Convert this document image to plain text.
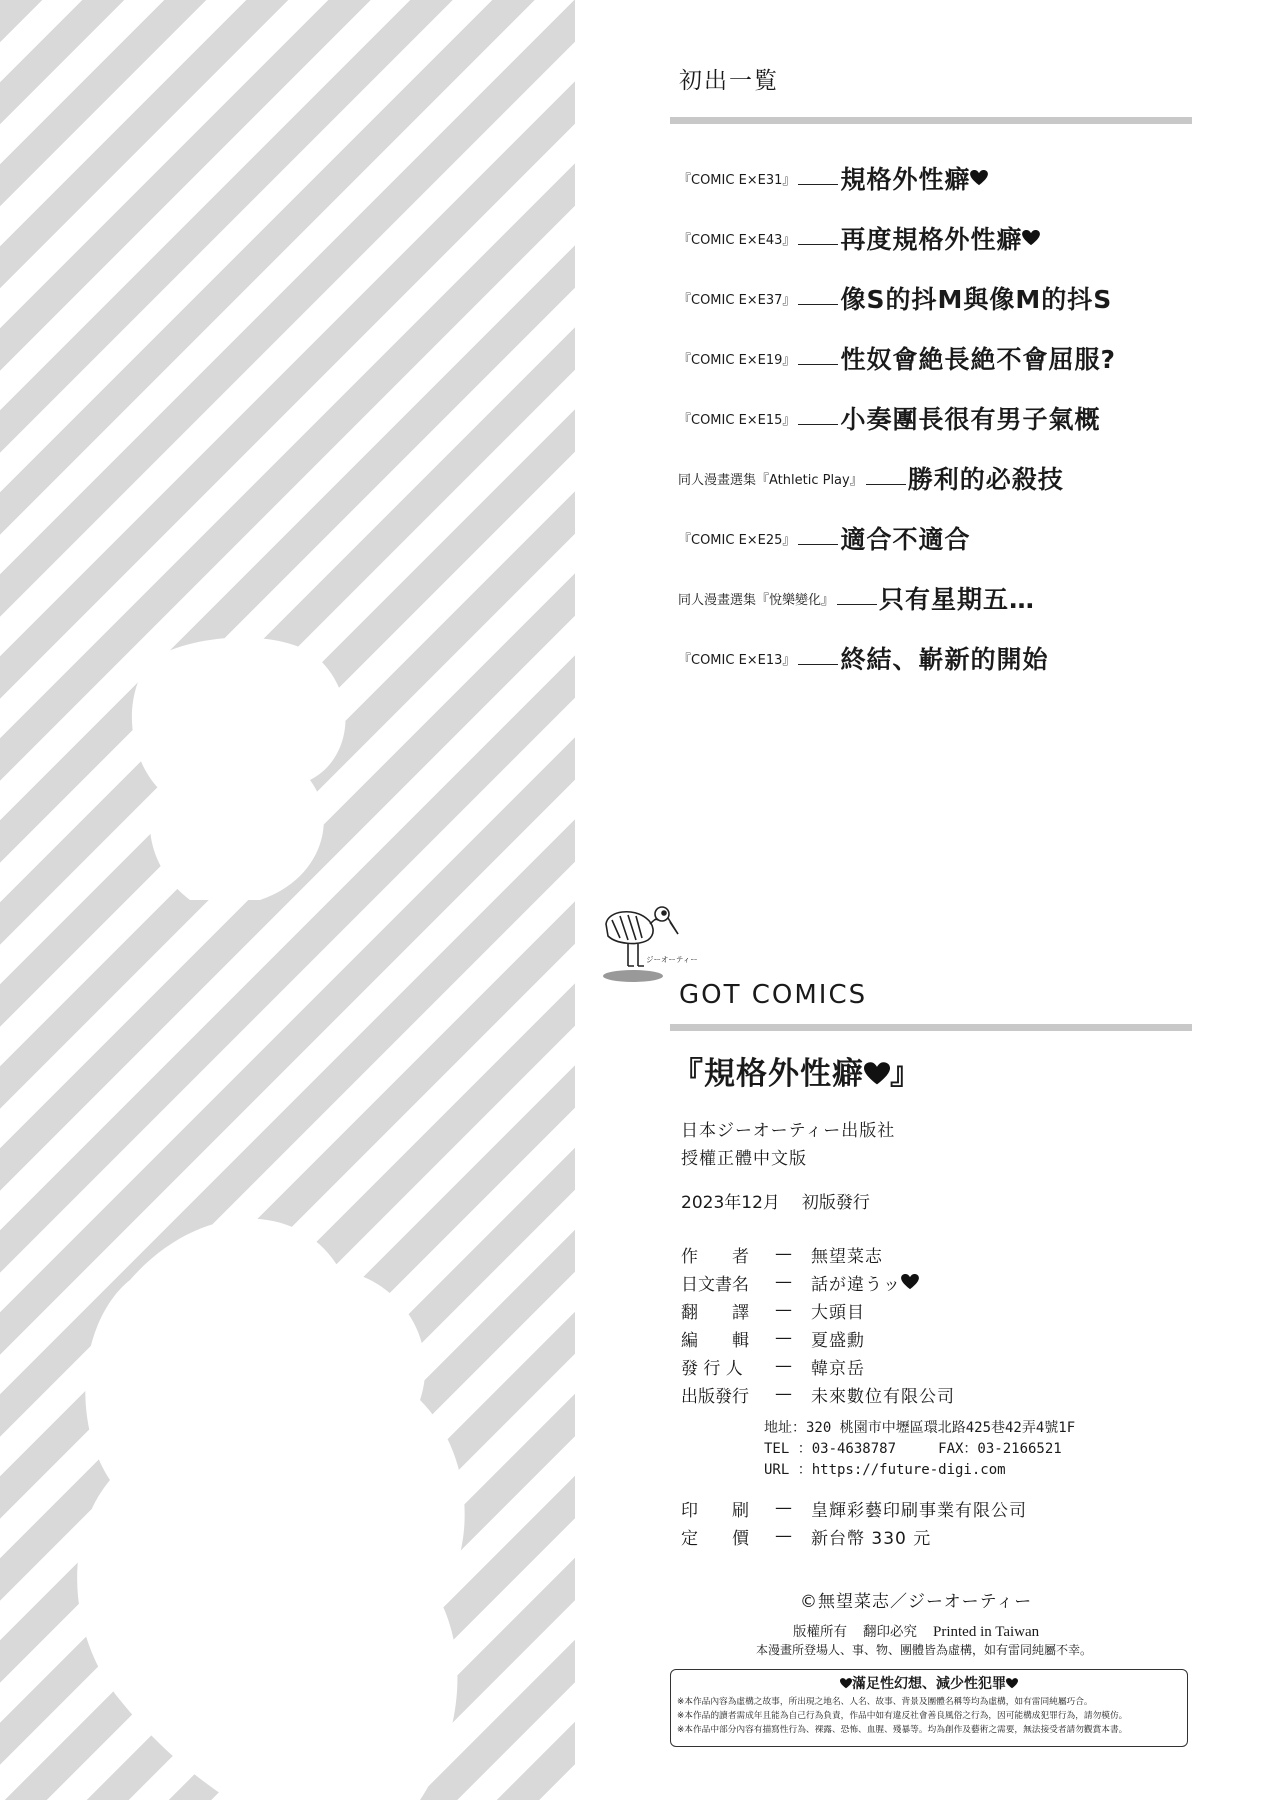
初出一覧
『COMIC E×E31』 規格外性癖
『COMIC E×E43』 再度規格外性癖
『COMIC E×E37』 像S的抖M與像M的抖S
『COMIC E×E19』 性奴會絶長絶不會屈服?
『COMIC E×E15』 小奏團長很有男子氣概
同人漫畫選集『Athletic Play』 勝利的必殺技
『COMIC E×E25』 適合不適合
同人漫畫選集『悅樂變化』 只有星期五…
『COMIC E×E13』 終結、嶄新的開始
ジーオーティー
GOT COMICS
『規格外性癖 』
日本ジーオーティー出版社
授權正體中文版
2023年12月 初版發行
作　　者	—	無望菜志
日文書名	—	話が違うッ
翻　　譯	—	大頭目
編　　輯	—	夏盛勳
發 行 人	—	韓京岳
出版發行	—	未來數位有限公司
地址：320 桃園市中壢區環北路425巷42弄4號1F
TEL ：03-4638787     FAX：03-2166521
URL ：https://future-digi.com
印　　刷	—	皇輝彩藝印刷事業有限公司
定　　價	—	新台幣 330 元
©無望菜志／ジーオーティー
版權所有 翻印必究 Printed in Taiwan
本漫畫所登場人、事、物、團體皆為虛構，如有雷同純屬不幸。
滿足性幻想、減少性犯罪
※本作品內容為虛構之故事，所出現之地名、人名、故事、背景及團體名稱等均為虛構，如有雷同純屬巧合。
※本作品的讀者需成年且能為自己行為負責，作品中如有違反社會善良風俗之行為，因可能構成犯罪行為，請勿模仿。
※本作品中部分內容有描寫性行為、裸露、恐怖、血腥、殘暴等。均為創作及藝術之需要，無法接受者請勿觀賞本書。
